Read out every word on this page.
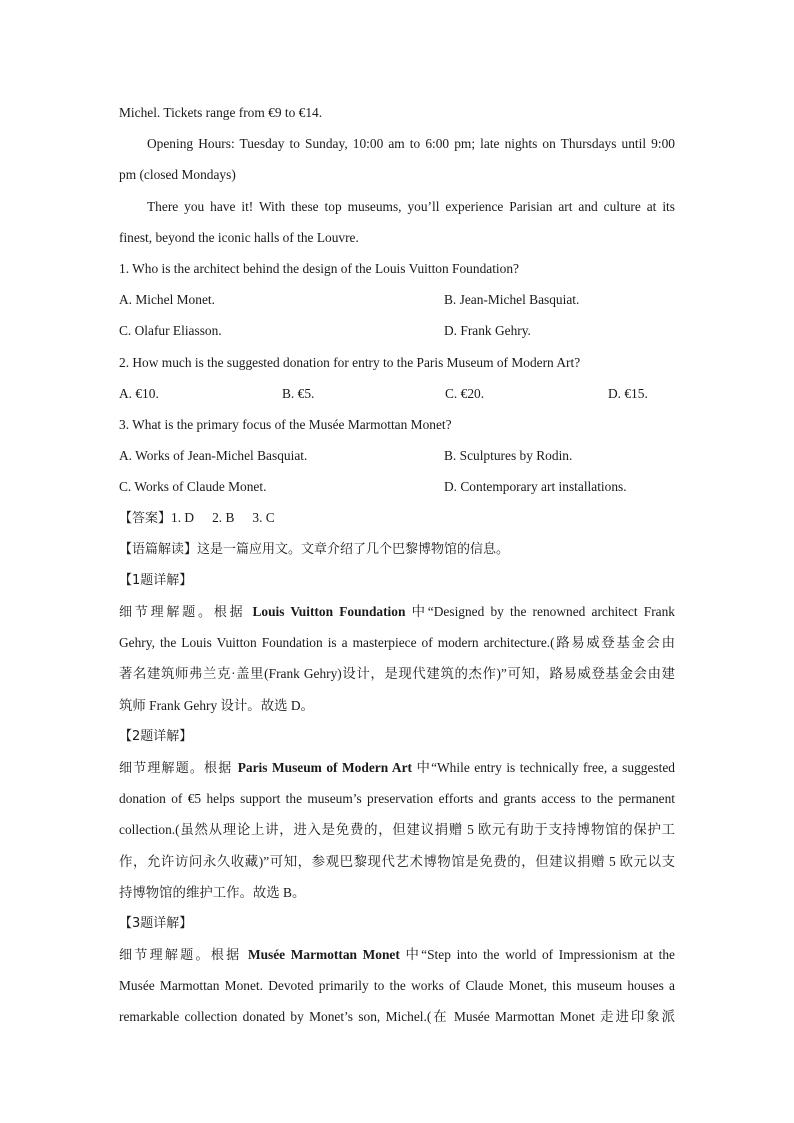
Michel. Tickets range from €9 to €14.
Opening Hours: Tuesday to Sunday, 10:00 am to 6:00 pm; late nights on Thursdays until 9:00
pm (closed Mondays)
There you have it! With these top museums, you’ll experience Parisian art and culture at its
finest, beyond the iconic halls of the Louvre.
1. Who is the architect behind the design of the Louis Vuitton Foundation?
A. Michel Monet.	B. Jean-Michel Basquiat.
C. Olafur Eliasson.	D. Frank Gehry.
2. How much is the suggested donation for entry to the Paris Museum of Modern Art?
A. €10.	B. €5.	C. €20.	D. €15.
3. What is the primary focus of the Musée Marmottan Monet?
A. Works of Jean-Michel Basquiat.	B. Sculptures by Rodin.
C. Works of Claude Monet.	D. Contemporary art installations.
【答案】1. D 2. B 3. C
【语篇解读】这是一篇应用文。文章介绍了几个巴黎博物馆的信息。
【1题详解】
细节理解题。根据 Louis Vuitton Foundation 中“Designed by the renowned architect Frank
Gehry, the Louis Vuitton Foundation is a masterpiece of modern architecture.(路易威登基金会由
著名建筑师弗兰克·盖里(Frank Gehry)设计，是现代建筑的杰作)”可知，路易威登基金会由建
筑师 Frank Gehry 设计。故选 D。
【2题详解】
细节理解题。根据 Paris Museum of Modern Art 中“While entry is technically free, a suggested
donation of €5 helps support the museum’s preservation efforts and grants access to the permanent
collection.(虽然从理论上讲，进入是免费的，但建议捐赠 5 欧元有助于支持博物馆的保护工
作，允许访问永久收藏)”可知，参观巴黎现代艺术博物馆是免费的，但建议捐赠 5 欧元以支
持博物馆的维护工作。故选 B。
【3题详解】
细节理解题。根据 Musée Marmottan Monet 中“Step into the world of Impressionism at the
Musée Marmottan Monet. Devoted primarily to the works of Claude Monet, this museum houses a
remarkable collection donated by Monet’s son, Michel.(在 Musée Marmottan Monet 走进印象派
